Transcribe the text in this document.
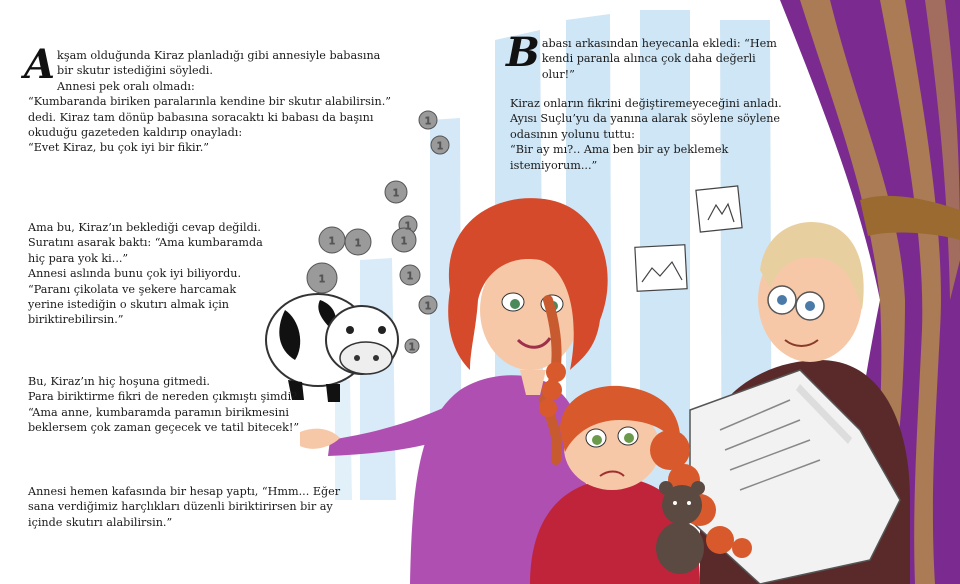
1
1
1
1
1 1	1
1	1
1
1

A kşam olduğunda Kiraz planladığı gibi annesiyle babasına bir skutır istediğini söyledi.

Annesi pek oralı olmadı:

“Kumbaranda biriken paralarınla kendine bir skutır alabilirsin.” dedi. Kiraz tam dönüp babasına soracaktı ki babası da başını okuduğu gazeteden kaldırıp onayladı:

“Evet Kiraz, bu çok iyi bir fikir.”

Ama bu, Kiraz’ın beklediği cevap değildi. Suratını asarak baktı: “Ama kumbaramda hiç para yok ki...”

Annesi aslında bunu çok iyi biliyordu.

“Paranı çikolata ve şekere harcamak yerine istediğin o skutırı almak için biriktirebilirsin.”

Bu, Kiraz’ın hiç hoşuna gitmedi.

Para biriktirme fikri de nereden çıkmıştı şimdi?

“Ama anne, kumbaramda paramın birikmesini beklersem çok zaman geçecek ve tatil bitecek!”

Annesi hemen kafasında bir hesap yaptı, “Hmm... Eğer sana verdiğimiz harçlıkları düzenli biriktirirsen bir ay içinde skutırı alabilirsin.”

B abası arkasından heyecanla ekledi: “Hem kendi paranla alınca çok daha değerli olur!”

Kiraz onların fikrini değiştiremeyeceğini anladı. Ayısı Suçlu’yu da yanına alarak söylene söylene odasının yolunu tuttu:

“Bir ay mı?.. Ama ben bir ay beklemek istemiyorum...”
